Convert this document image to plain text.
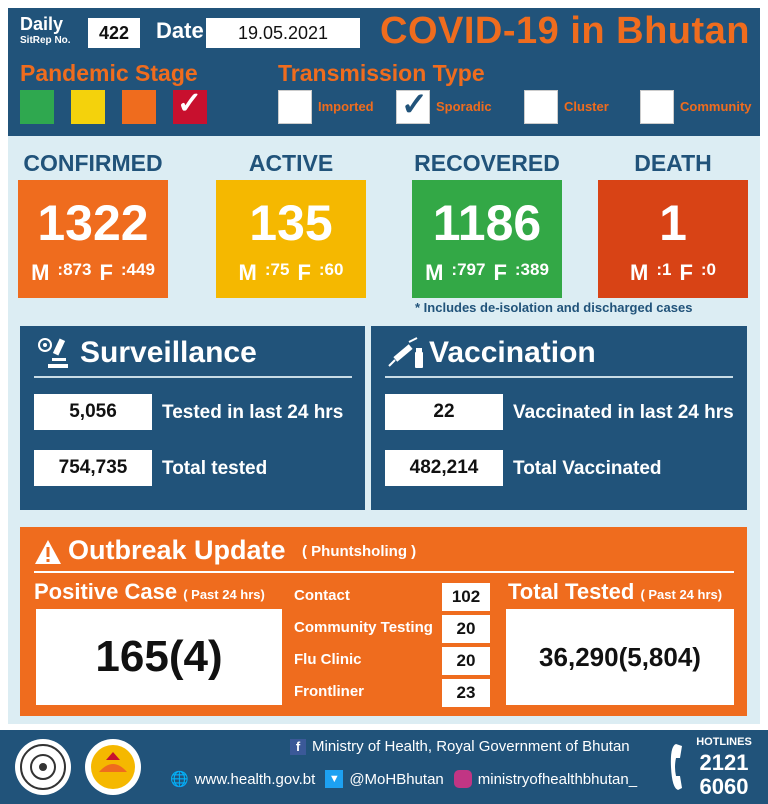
Daily
SitRep No.	422	Date	19.05.2021	COVID-19 in Bhutan
Pandemic Stage
✓
Transmission Type
Imported ✓ Sporadic	Cluster	Community
CONFIRMED
1322
M :873 F :449
ACTIVE
135
M :75 F :60
RECOVERED
1186
M :797 F :389
DEATH
1
M :1 F :0
* Includes de-isolation and discharged cases
Surveillance
5,056	Tested in last 24 hrs
754,735	Total tested
Vaccination
22	Vaccinated in last 24 hrs
482,214	Total Vaccinated
Outbreak Update ( Phuntsholing )
Positive Case ( Past 24 hrs)
165(4)
Total Tested ( Past 24 hrs)
36,290(5,804)
Contact	102
Community Testing	20
Flu Clinic	20
Frontliner	23
f Ministry of Health, Royal Government of Bhutan
🌐 www.health.gov.bt	▼ @MoHBhutan ministryofhealthbhutan_
HOTLINES
2121
6060
